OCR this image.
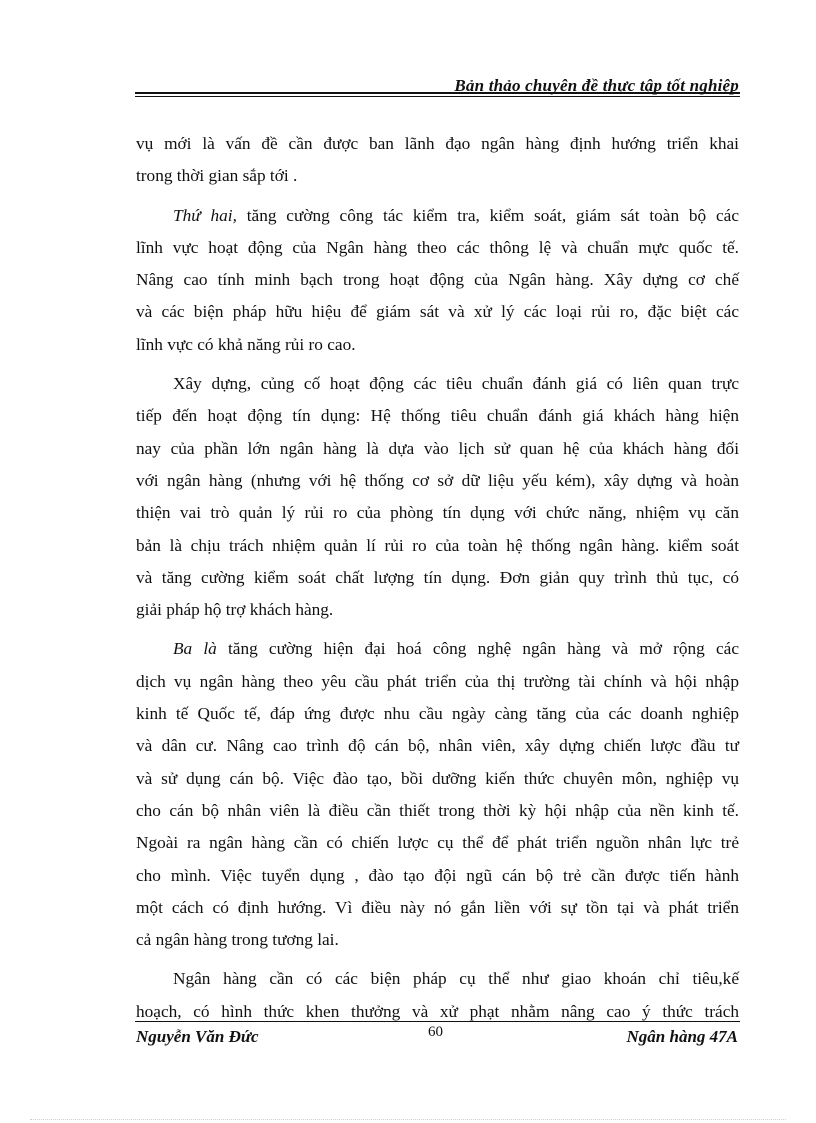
Bản thảo chuyên đề thực tập tốt nghiệp
vụ mới là vấn đề cần được ban lãnh đạo ngân hàng định hướng triển khai
trong thời gian sắp tới .
Thứ hai, tăng cường công tác kiểm tra, kiểm soát, giám sát toàn bộ các
lĩnh vực hoạt động của Ngân hàng theo các thông lệ và chuẩn mực quốc tế.
Nâng cao tính minh bạch trong hoạt động của Ngân hàng. Xây dựng cơ chế
và các biện pháp hữu hiệu để giám sát và xử lý các loại rủi ro, đặc biệt các
lĩnh vực có khả năng rủi ro cao.
Xây dựng, củng cố hoạt động các tiêu chuẩn đánh giá có liên quan trực
tiếp đến hoạt động tín dụng: Hệ thống tiêu chuẩn đánh giá khách hàng hiện
nay của phần lớn ngân hàng là dựa vào lịch sử quan hệ của khách hàng đối
với ngân hàng (nhưng với hệ thống cơ sở dữ liệu yếu kém), xây dựng và hoàn
thiện vai trò quản lý rủi ro của phòng tín dụng với chức năng, nhiệm vụ căn
bản là chịu trách nhiệm quản lí rủi ro của toàn hệ thống ngân hàng. kiểm soát
và tăng cường kiểm soát chất lượng tín dụng. Đơn giản quy trình thủ tục, có
giải pháp hộ trợ khách hàng.
Ba là tăng cường hiện đại hoá công nghệ ngân hàng và mở rộng các
dịch vụ ngân hàng theo yêu cầu phát triển của thị trường tài chính và hội nhập
kinh tế Quốc tế, đáp ứng được nhu cầu ngày càng tăng của các doanh nghiệp
và dân cư. Nâng cao trình độ cán bộ, nhân viên, xây dựng chiến lược đầu tư
và sử dụng cán bộ. Việc đào tạo, bồi dưỡng kiến thức chuyên môn, nghiệp vụ
cho cán bộ nhân viên là điều cần thiết trong thời kỳ hội nhập của nền kinh tế.
Ngoài ra ngân hàng cần có chiến lược cụ thể để phát triển nguồn nhân lực trẻ
cho mình. Việc tuyển dụng , đào tạo đội ngũ cán bộ trẻ cần được tiến hành
một cách có định hướng. Vì điều này nó gắn liền với sự tồn tại và phát triển
cả ngân hàng trong tương lai.
Ngân hàng cần có các biện pháp cụ thể như giao khoán chỉ tiêu,kế
hoạch, có hình thức khen thưởng và xử phạt nhằm nâng cao ý thức trách
Nguyễn Văn Đức	60	Ngân hàng 47A
